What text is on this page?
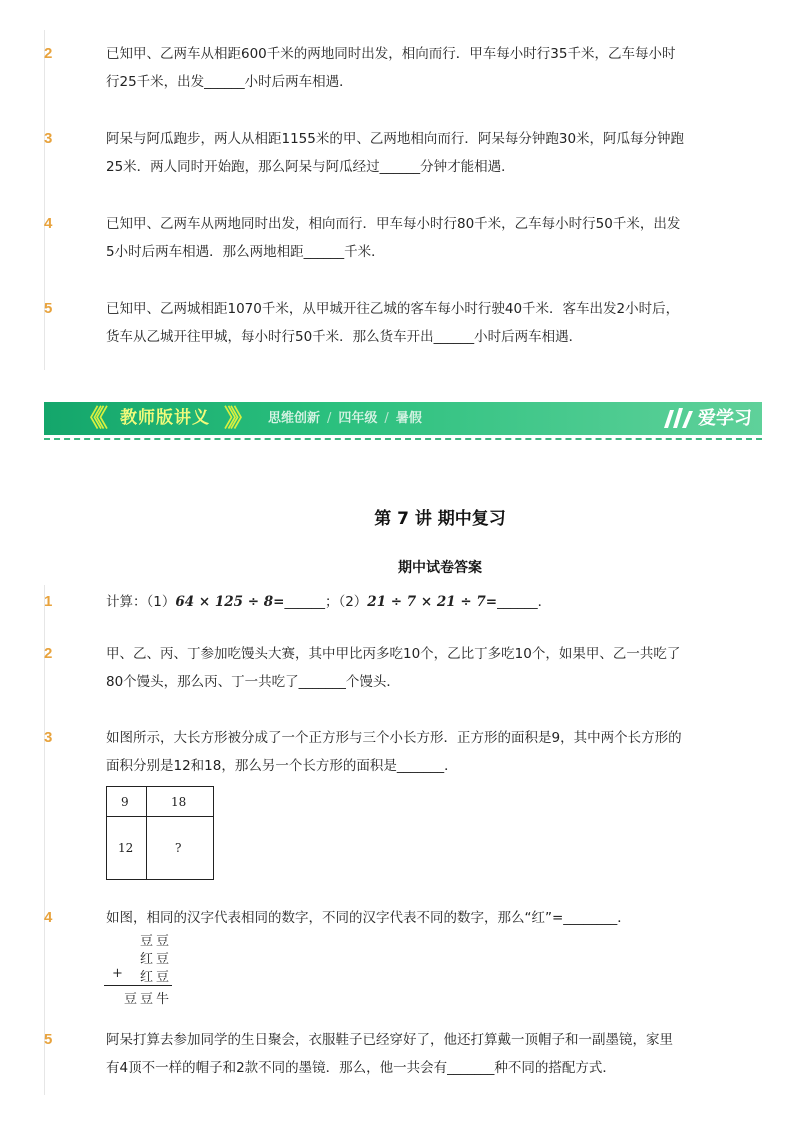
2	已知甲、乙两车从相距600千米的两地同时出发，相向而行．甲车每小时行35千米，乙车每小时
行25千米，出发______小时后两车相遇．
3	阿呆与阿瓜跑步，两人从相距1155米的甲、乙两地相向而行．阿呆每分钟跑30米，阿瓜每分钟跑
25米．两人同时开始跑，那么阿呆与阿瓜经过______分钟才能相遇．
4	已知甲、乙两车从两地同时出发，相向而行．甲车每小时行80千米，乙车每小时行50千米，出发
5小时后两车相遇．那么两地相距______千米．
5	已知甲、乙两城相距1070千米，从甲城开往乙城的客车每小时行驶40千米．客车出发2小时后，
货车从乙城开往甲城，每小时行50千米．那么货车开出______小时后两车相遇．
《《 教师版讲义 》》 思维创新 / 四年级 / 暑假	爱学习
第 7 讲 期中复习
期中试卷答案
1	计算：（1）64 × 125 ÷ 8=______；（2）21 ÷ 7 × 21 ÷ 7=______．
2	甲、乙、丙、丁参加吃馒头大赛，其中甲比丙多吃10个，乙比丁多吃10个，如果甲、乙一共吃了
80个馒头，那么丙、丁一共吃了_______个馒头．
3	如图所示，大长方形被分成了一个正方形与三个小长方形．正方形的面积是9，其中两个长方形的
面积分别是12和18，那么另一个长方形的面积是_______．
9	18
12	?
4	如图，相同的汉字代表相同的数字，不同的汉字代表不同的数字，那么“红”=________．
豆豆
红豆
+ 红豆
豆豆牛
5	阿呆打算去参加同学的生日聚会，衣服鞋子已经穿好了，他还打算戴一顶帽子和一副墨镜，家里
有4顶不一样的帽子和2款不同的墨镜．那么，他一共会有_______种不同的搭配方式．
